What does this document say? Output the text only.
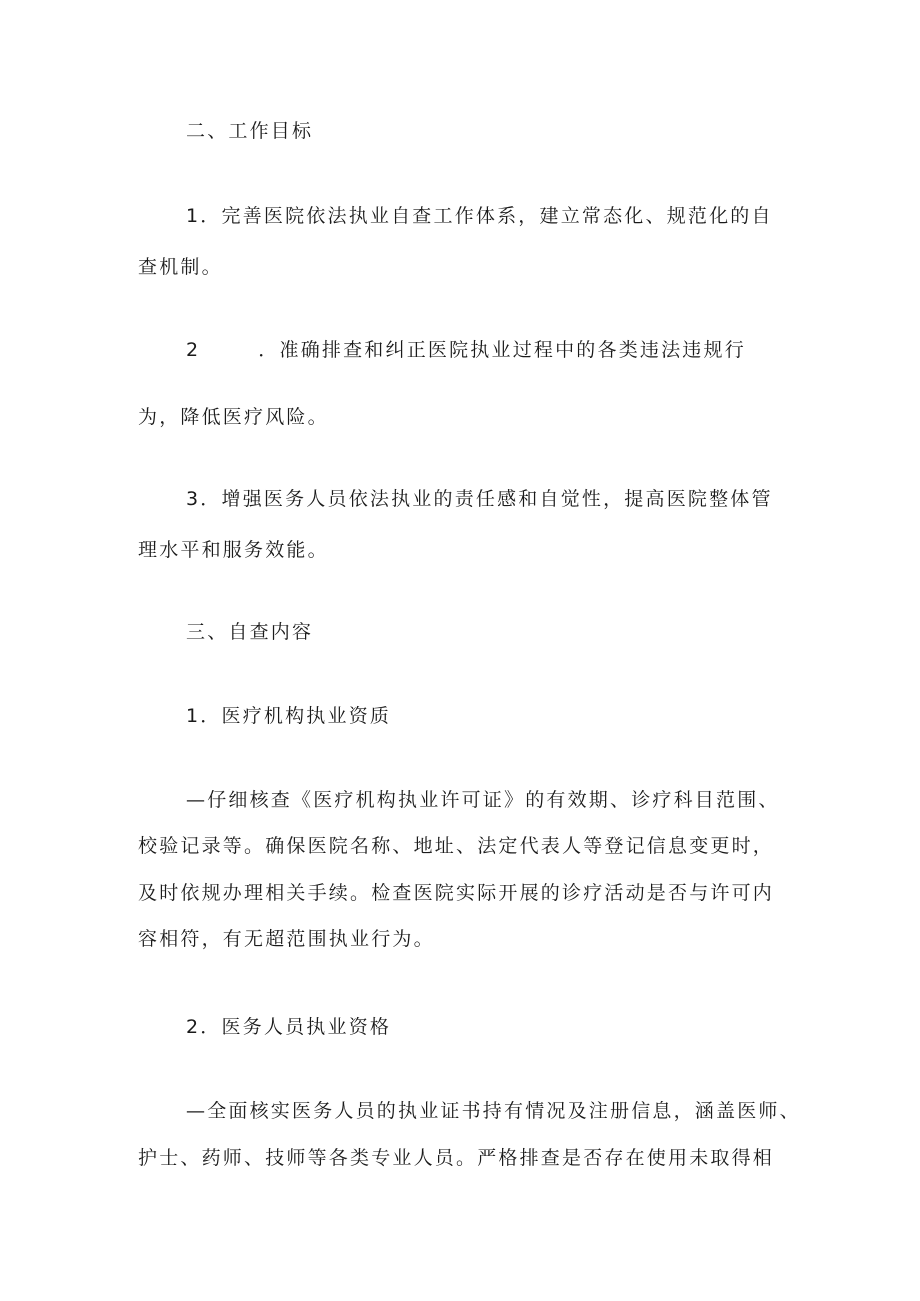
二、工作目标
1．完善医院依法执业自查工作体系，建立常态化、规范化的自
查机制。
2	．准确排查和纠正医院执业过程中的各类违法违规行
为，降低医疗风险。
3．增强医务人员依法执业的责任感和自觉性，提高医院整体管
理水平和服务效能。
三、自查内容
1．医疗机构执业资质
—仔细核查《医疗机构执业许可证》的有效期、诊疗科目范围、
校验记录等。确保医院名称、地址、法定代表人等登记信息变更时，
及时依规办理相关手续。检查医院实际开展的诊疗活动是否与许可内
容相符，有无超范围执业行为。
2．医务人员执业资格
—全面核实医务人员的执业证书持有情况及注册信息，涵盖医师、
护士、药师、技师等各类专业人员。严格排查是否存在使用未取得相
